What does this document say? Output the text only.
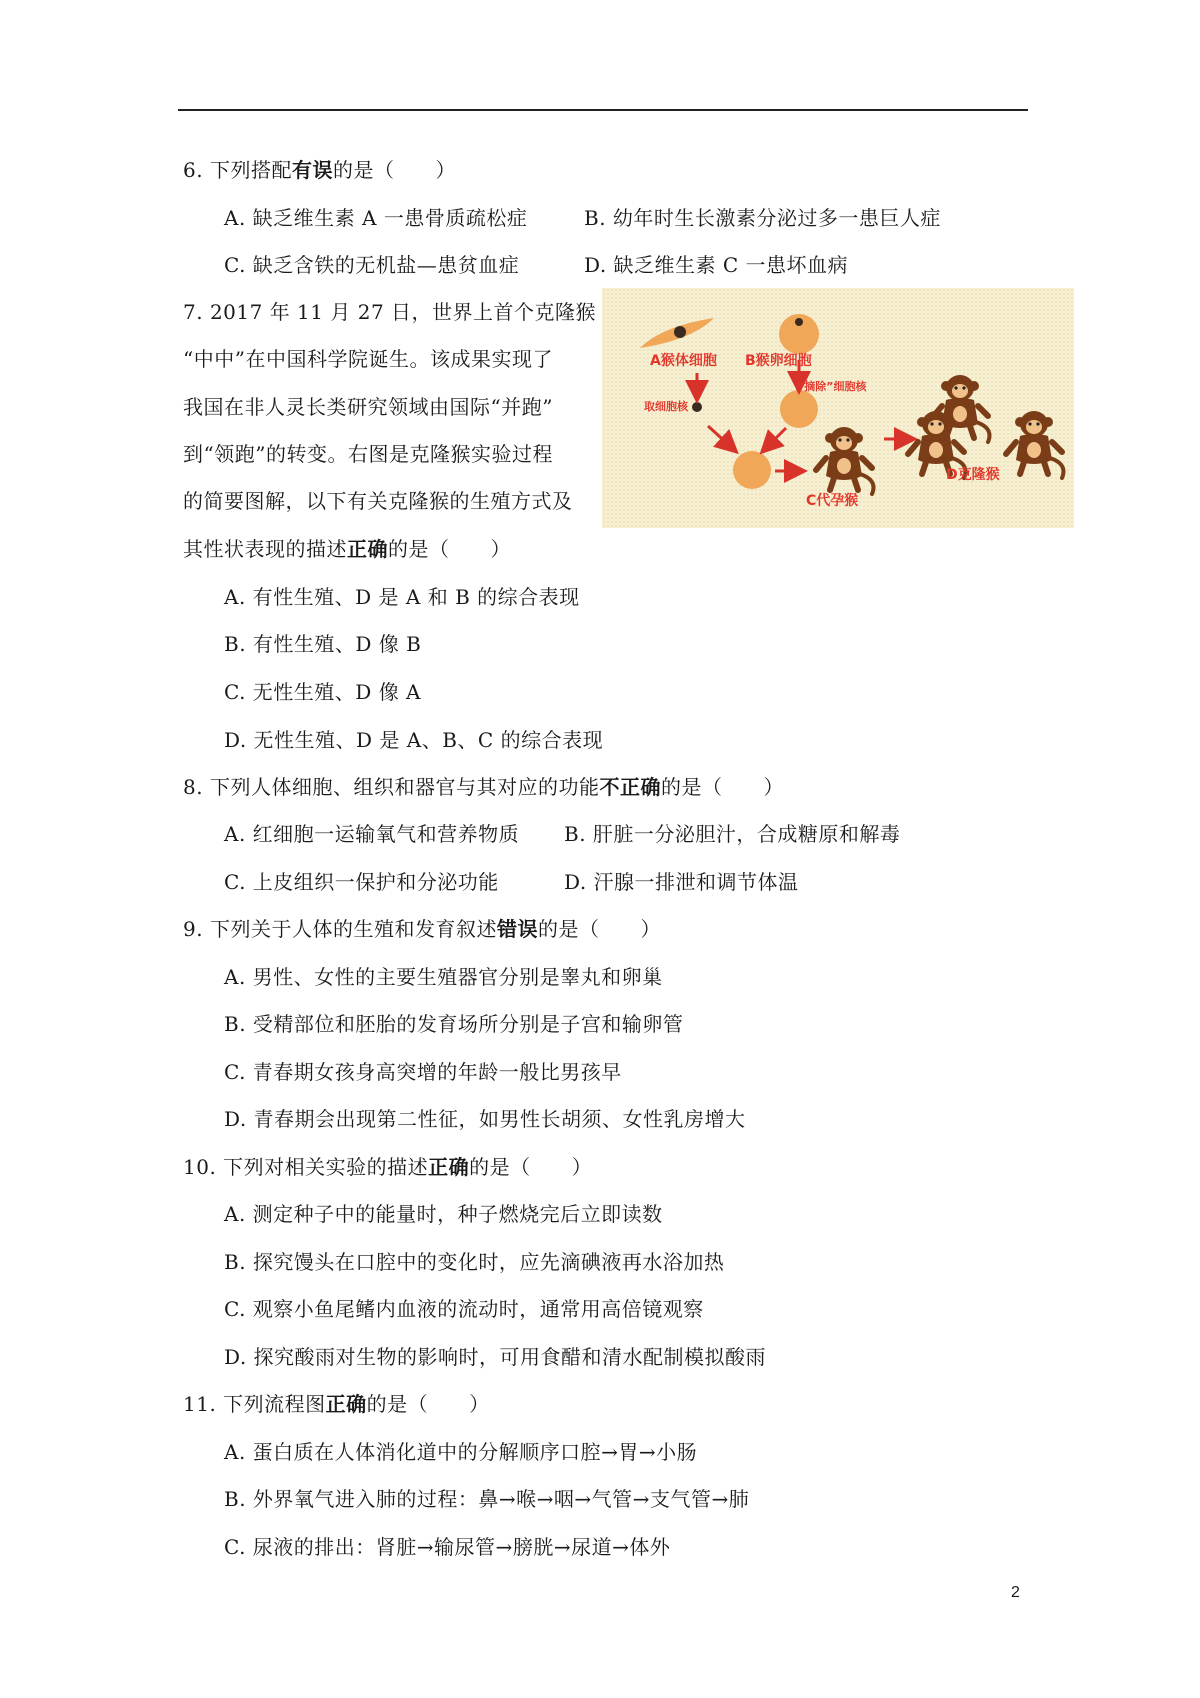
6. 下列搭配有误的是（　　）
A. 缺乏维生素 A 一患骨质疏松症	B. 幼年时生长激素分泌过多一患巨人症
C. 缺乏含铁的无机盐—患贫血症	D. 缺乏维生素 C 一患坏血病
7. 2017 年 11 月 27 日，世界上首个克隆猴
“中中”在中国科学院诞生。该成果实现了
我国在非人灵长类研究领域由国际“并跑”
到“领跑”的转变。右图是克隆猴实验过程
的简要图解，以下有关克隆猴的生殖方式及
其性状表现的描述正确的是（　　）
A猴体细胞 B猴卵细胞
“摘除”细胞核
取细胞核
C代孕猴
D克隆猴
A. 有性生殖、D 是 A 和 B 的综合表现
B. 有性生殖、D 像 B
C. 无性生殖、D 像 A
D. 无性生殖、D 是 A、B、C 的综合表现
8. 下列人体细胞、组织和器官与其对应的功能不正确的是（　　）
A. 红细胞一运输氧气和营养物质 B. 肝脏一分泌胆汁，合成糖原和解毒
C. 上皮组织一保护和分泌功能	D. 汗腺一排泄和调节体温
9. 下列关于人体的生殖和发育叙述错误的是（　　）
A. 男性、女性的主要生殖器官分别是睾丸和卵巢
B. 受精部位和胚胎的发育场所分别是子宫和输卵管
C. 青春期女孩身高突增的年龄一般比男孩早
D. 青春期会出现第二性征，如男性长胡须、女性乳房增大
10. 下列对相关实验的描述正确的是（　　）
A. 测定种子中的能量时，种子燃烧完后立即读数
B. 探究馒头在口腔中的变化时，应先滴碘液再水浴加热
C. 观察小鱼尾鳍内血液的流动时，通常用高倍镜观察
D. 探究酸雨对生物的影响时，可用食醋和清水配制模拟酸雨
11. 下列流程图正确的是（　　）
A. 蛋白质在人体消化道中的分解顺序口腔→胃→小肠
B. 外界氧气进入肺的过程：鼻→喉→咽→气管→支气管→肺
C. 尿液的排出：肾脏→输尿管→膀胱→尿道→体外
2
